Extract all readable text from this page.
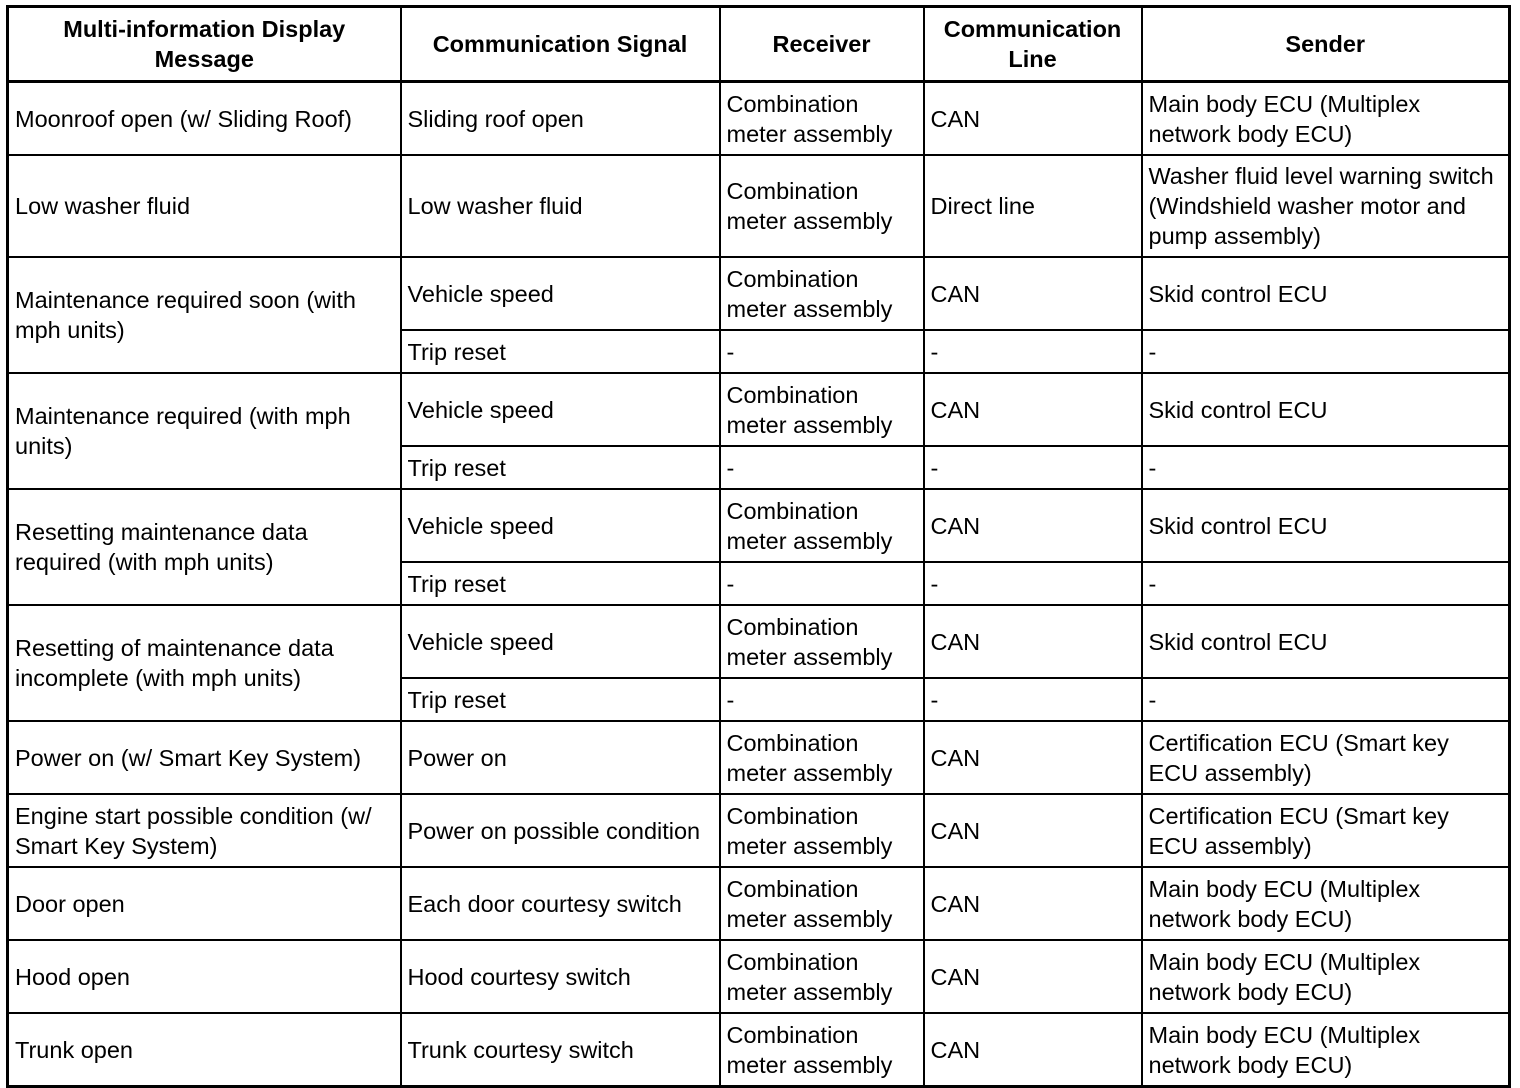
Multi-information Display Message	Communication Signal	Receiver	Communication Line	Sender
Moonroof open (w/ Sliding Roof)	Sliding roof open	Combination meter assembly	CAN	Main body ECU (Multiplex network body ECU)
Low washer fluid	Low washer fluid	Combination meter assembly	Direct line	Washer fluid level warning switch (Windshield washer motor and pump assembly)
Maintenance required soon (with mph units)	Vehicle speed	Combination meter assembly	CAN	Skid control ECU
	Trip reset	-	-	-
Maintenance required (with mph units)	Vehicle speed	Combination meter assembly	CAN	Skid control ECU
	Trip reset	-	-	-
Resetting maintenance data required (with mph units)	Vehicle speed	Combination meter assembly	CAN	Skid control ECU
	Trip reset	-	-	-
Resetting of maintenance data incomplete (with mph units)	Vehicle speed	Combination meter assembly	CAN	Skid control ECU
	Trip reset	-	-	-
Power on (w/ Smart Key System)	Power on	Combination meter assembly	CAN	Certification ECU (Smart key ECU assembly)
Engine start possible condition (w/ Smart Key System)	Power on possible condition	Combination meter assembly	CAN	Certification ECU (Smart key ECU assembly)
Door open	Each door courtesy switch	Combination meter assembly	CAN	Main body ECU (Multiplex network body ECU)
Hood open	Hood courtesy switch	Combination meter assembly	CAN	Main body ECU (Multiplex network body ECU)
Trunk open	Trunk courtesy switch	Combination meter assembly	CAN	Main body ECU (Multiplex network body ECU)
